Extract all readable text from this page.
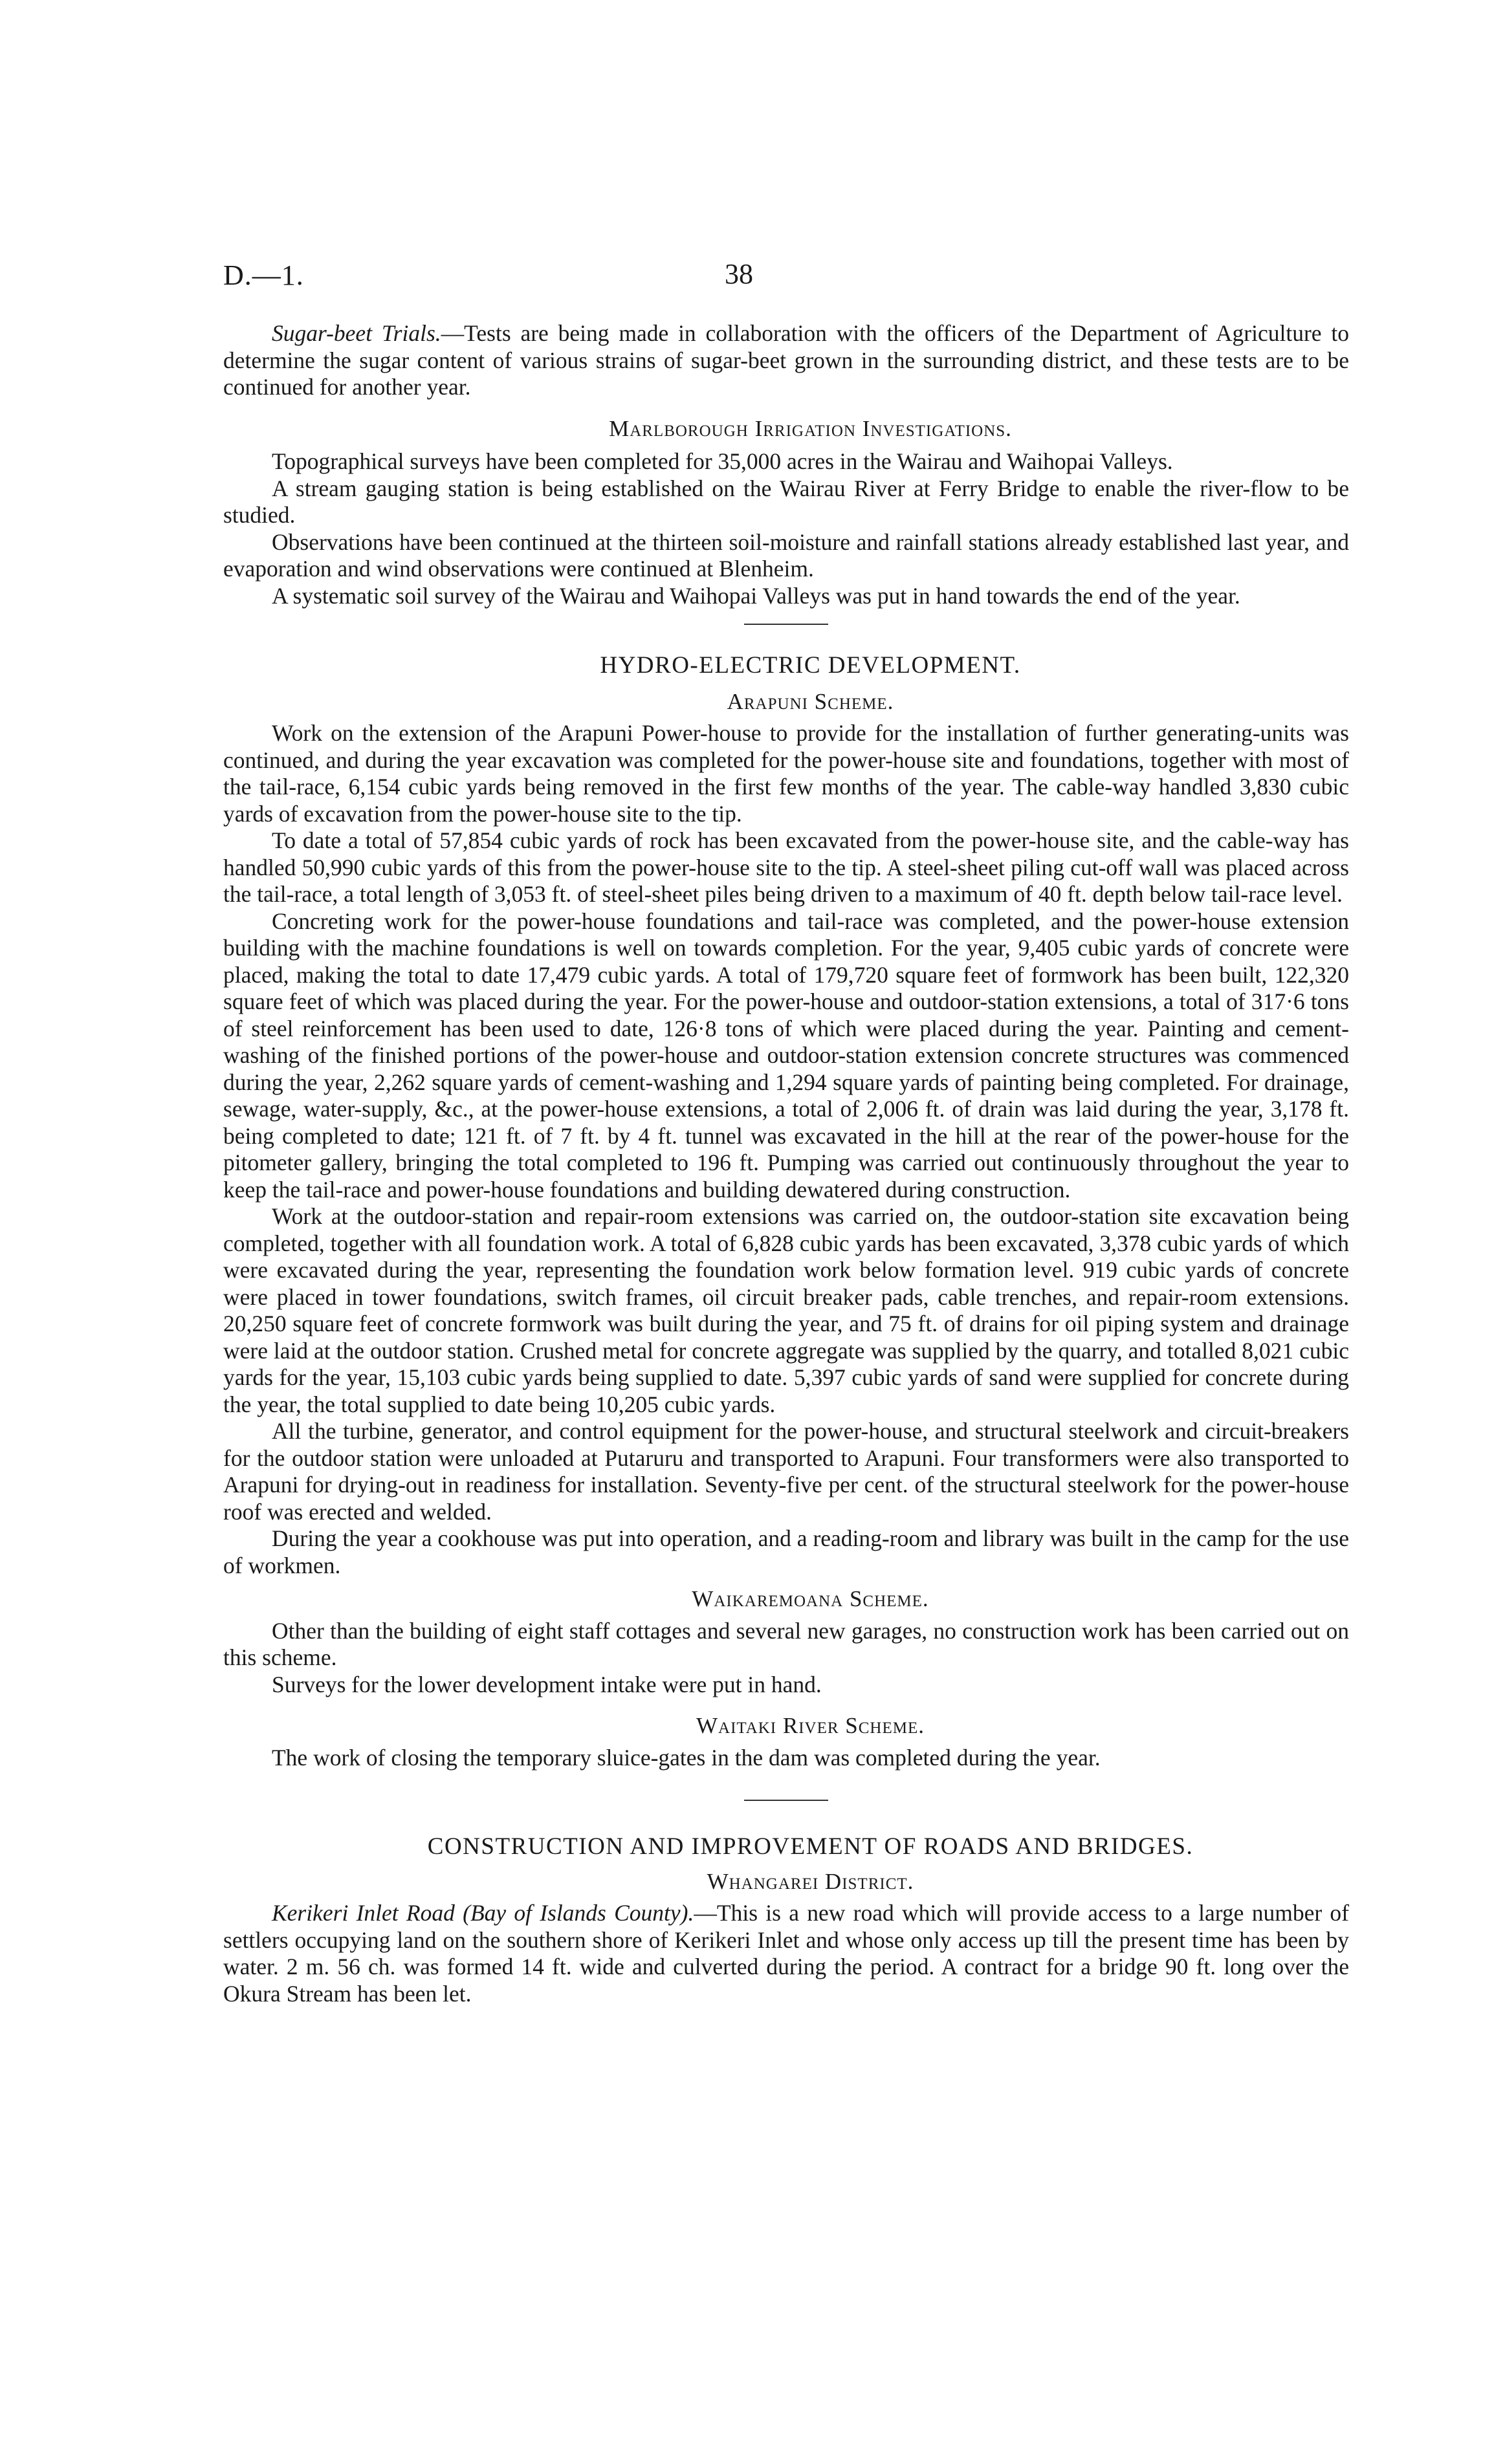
D.—1.	38

Sugar-beet Trials.—Tests are being made in collaboration with the officers of the Department of Agriculture to determine the sugar content of various strains of sugar-beet grown in the surrounding district, and these tests are to be continued for another year.

Marlborough Irrigation Investigations.

Topographical surveys have been completed for 35,000 acres in the Wairau and Waihopai Valleys.

A stream gauging station is being established on the Wairau River at Ferry Bridge to enable the river-flow to be studied.

Observations have been continued at the thirteen soil-moisture and rainfall stations already established last year, and evaporation and wind observations were continued at Blenheim.

A systematic soil survey of the Wairau and Waihopai Valleys was put in hand towards the end of the year.

HYDRO-ELECTRIC DEVELOPMENT.

Arapuni Scheme.

Work on the extension of the Arapuni Power-house to provide for the installation of further generating-units was continued, and during the year excavation was completed for the power-house site and foundations, together with most of the tail-race, 6,154 cubic yards being removed in the first few months of the year. The cable-way handled 3,830 cubic yards of excavation from the power-house site to the tip.

To date a total of 57,854 cubic yards of rock has been excavated from the power-house site, and the cable-way has handled 50,990 cubic yards of this from the power-house site to the tip. A steel-sheet piling cut-off wall was placed across the tail-race, a total length of 3,053 ft. of steel-sheet piles being driven to a maximum of 40 ft. depth below tail-race level.

Concreting work for the power-house foundations and tail-race was completed, and the power-house extension building with the machine foundations is well on towards completion. For the year, 9,405 cubic yards of concrete were placed, making the total to date 17,479 cubic yards. A total of 179,720 square feet of formwork has been built, 122,320 square feet of which was placed during the year. For the power-house and outdoor-station extensions, a total of 317·6 tons of steel reinforcement has been used to date, 126·8 tons of which were placed during the year. Painting and cement-washing of the finished portions of the power-house and outdoor-station extension concrete structures was commenced during the year, 2,262 square yards of cement-washing and 1,294 square yards of painting being completed. For drainage, sewage, water-supply, &c., at the power-house extensions, a total of 2,006 ft. of drain was laid during the year, 3,178 ft. being completed to date; 121 ft. of 7 ft. by 4 ft. tunnel was excavated in the hill at the rear of the power-house for the pitometer gallery, bringing the total completed to 196 ft. Pumping was carried out continuously throughout the year to keep the tail-race and power-house foundations and building dewatered during construction.

Work at the outdoor-station and repair-room extensions was carried on, the outdoor-station site excavation being completed, together with all foundation work. A total of 6,828 cubic yards has been excavated, 3,378 cubic yards of which were excavated during the year, representing the foundation work below formation level. 919 cubic yards of concrete were placed in tower foundations, switch frames, oil circuit breaker pads, cable trenches, and repair-room extensions. 20,250 square feet of concrete formwork was built during the year, and 75 ft. of drains for oil piping system and drainage were laid at the outdoor station. Crushed metal for concrete aggregate was supplied by the quarry, and totalled 8,021 cubic yards for the year, 15,103 cubic yards being supplied to date. 5,397 cubic yards of sand were supplied for concrete during the year, the total supplied to date being 10,205 cubic yards.

All the turbine, generator, and control equipment for the power-house, and structural steelwork and circuit-breakers for the outdoor station were unloaded at Putaruru and transported to Arapuni. Four transformers were also transported to Arapuni for drying-out in readiness for installation. Seventy-five per cent. of the structural steelwork for the power-house roof was erected and welded.

During the year a cookhouse was put into operation, and a reading-room and library was built in the camp for the use of workmen.

Waikaremoana Scheme.

Other than the building of eight staff cottages and several new garages, no construction work has been carried out on this scheme.

Surveys for the lower development intake were put in hand.

Waitaki River Scheme.

The work of closing the temporary sluice-gates in the dam was completed during the year.

CONSTRUCTION AND IMPROVEMENT OF ROADS AND BRIDGES.

Whangarei District.

Kerikeri Inlet Road (Bay of Islands County).—This is a new road which will provide access to a large number of settlers occupying land on the southern shore of Kerikeri Inlet and whose only access up till the present time has been by water. 2 m. 56 ch. was formed 14 ft. wide and culverted during the period. A contract for a bridge 90 ft. long over the Okura Stream has been let.
